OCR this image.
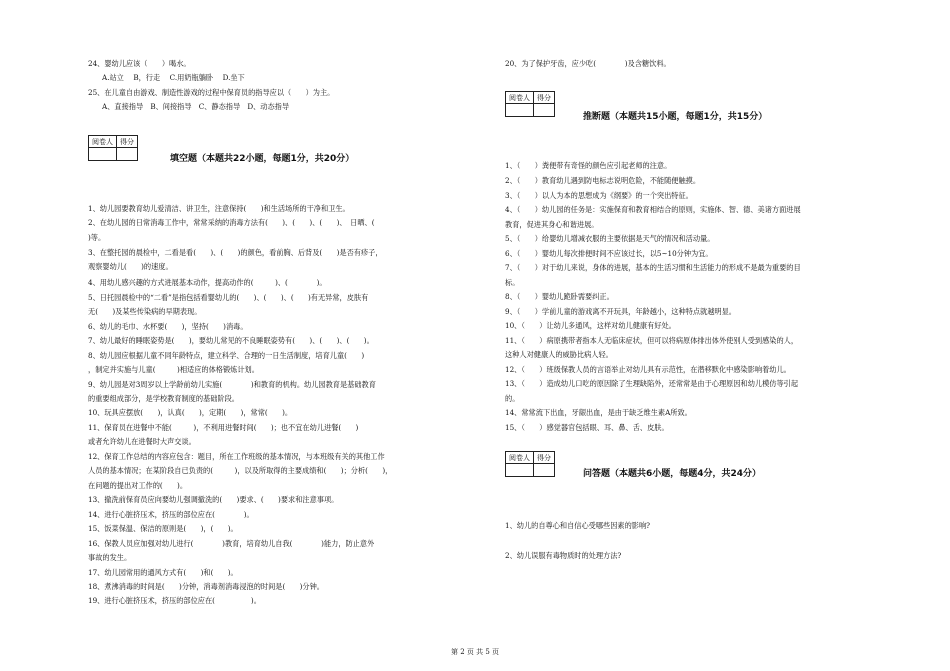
24、婴幼儿应该（　　）喝水。
A.站立　 B，行走　 C.用奶瓶躺卧　 D.坐下
25、在儿童自由游戏、制造性游戏的过程中保育员的指导应以（　　）为主。
A、直接指导　B、间接指导　C、静态指导　D、动态指导
阅卷人	得分

填空题（本题共22小题，每题1分，共20分）
1、幼儿园要教育幼儿爱清洁、讲卫生，注意保持(　　)和生活场所的干净和卫生。
2、在幼儿园的日常消毒工作中，常常采纳的消毒方法有(　　)、(　　)、(　　)、　日晒、(　　
)等。
3、在整托园的晨检中，二看是看(　　)、(　　)的颜色，看前胸、后背及(　　)是否有疹子，
观察婴幼儿(　　)的速度。
4、用幼儿感兴趣的方式进展基本动作，提高动作的(　　　)、(　　　　)。
5、日托园晨检中的“二看”是指包括看婴幼儿的(　　)、(　　)、(　　)有无异常，皮肤有
无(　　)及某些传染病的早期表现。
6、幼儿的毛巾、水杯要(　　)，坚持(　　)消毒。
7、幼儿最好的睡眠姿势是(　　)，要幼儿常见的不良睡眠姿势有(　　)、(　　)、(　　)。
8、幼儿园应根据儿童不同年龄特点，建立科学、合理的一日生活制度，培育儿童(　　)
，制定并实施与儿童(　　　)相适应的体格锻炼计划。
9、幼儿园是对3周岁以上学龄前幼儿实施(　　　　)和教育的机构。幼儿园教育是基础教育
的重要组成部分，是学校教育制度的基础阶段。
10、玩具应摆放(　　)，认真(　　)，定期(　　)，常常(　　)。
11、保育员在进餐中不能(　　　)，不利用进餐时间(　　)；也不宜在幼儿进餐(　　)
或者允许幼儿在进餐时大声交谈。
12、保育工作总结的内容应包含：题目，所在工作班级的基本情况，与本班级有关的其他工作
人员的基本情况；在某阶段自已负责的(　　　)，以及所取得的主要成绩和(　　)；分析(　　)，
在问题的提出对工作的(　　)。
13、撤洗前保育员应向要幼儿强调撤洗的(　　)要求、(　　)要求和注意事项。
14、进行心脏挤压术，挤压的部位应在(　　　　)。
15、饭菜保温、保洁的原则是(　　)，(　　)。
16、保教人员应加强对幼儿进行(　　　　)教育，培育幼儿自我(　　　　)能力，防止意外
事故的发生。
17、幼儿园常用的通风方式有(　　)和(　　)。
18、煮沸消毒的时间是(　　)分钟，消毒剂消毒浸泡的时间是(　　)分钟。
19、进行心脏挤压术，挤压的部位应在(　　　　　)。
20、为了保护牙齿，应少吃(　　　　)及含糖饮料。
阅卷人	得分

推断题（本题共15小题，每题1分，共15分）
1、（　　）粪便带有奇怪的颜色应引起老师的注意。
2、（　　）教育幼儿遇到防电标志说明危险，不能随便触摸。
3、（　　）以人为本的思想成为《纲要》的一个突出特征。
4、（　　）幼儿园的任务是：实施保育和教育相结合的原则，实施体、智、德、美诸方面进展
教育，促进其身心和谐进展。
5、（　　）给婴幼儿增减衣服的主要依据是天气的情况和活动量。
6、（　　）婴幼儿每次排便时间不应该过长，以5~10分钟为宜。
7、（　　）对于幼儿来说，身体的进展，基本的生活习惯和生活能力的形成不是最为重要的目
标。
8、（　　）婴幼儿跪卧需要纠正。
9、（　　）学前儿童的游戏离不开玩具，年龄越小，这种特点就越明显。
10、（　　）让幼儿多通风，这样对幼儿健康有好处。
11、（　　）病原携带者指本人无临床症状，但可以将病原体排出体外使别人受到感染的人，
这种人对健康人的威胁比病人轻。
12、（　　）班级保教人员的言语举止对幼儿具有示范性，在潜移默化中感染影响着幼儿。
13、（　　）造成幼儿口吃的原因除了生理缺陷外，还常常是由于心理原因和幼儿模仿等引起
的。
14、常常流下出血，牙龈出血，是由于缺乏维生素A所致。
15、（　　）感觉器官包括眼、耳、鼻、舌、皮肤。
阅卷人	得分

问答题（本题共6小题，每题4分，共24分）
1、幼儿的自尊心和自信心受哪些因素的影响?
2、幼儿误服有毒物质时的处理方法?
第 2 页 共 5 页
